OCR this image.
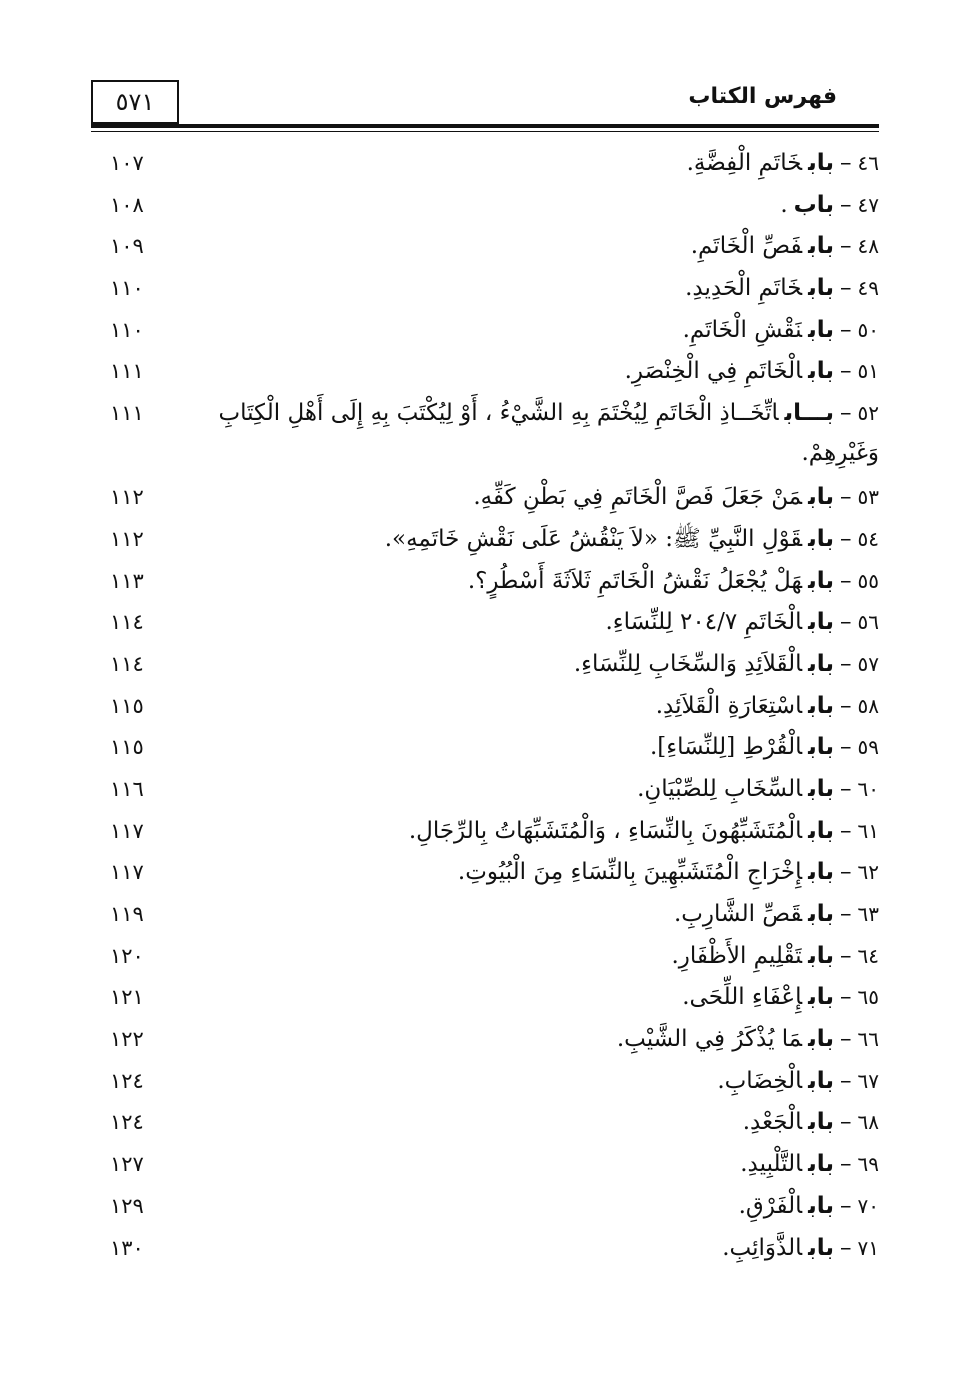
٥٧١	فهرس الكتاب
٤٦–بابخَاتَمِ الْفِضَّةِ.
١٠٧
٤٧–باب.
١٠٨
٤٨–بابفَصِّ الْخَاتَمِ.
١٠٩
٤٩–بابخَاتَمِ الْحَدِيدِ.
١١٠
٥٠–بابنَقْشِ الْخَاتَمِ.
١١٠
٥١–بابالْخَاتَمِ فِي الْخِنْصَرِ.
١١١
٥٢–بـــاباتِّخَــاذِ الْخَاتَمِ لِيُخْتَمَ بِهِ الشَّيْءُ ، أَوْ لِيُكْتَبَ بِهِ إِلَى أَهْلِ الْكِتَابِ وَغَيْرِهِمْ.
١١١
٥٣–بابمَنْ جَعَلَ فَصَّ الْخَاتَمِ فِي بَطْنِ كَفِّهِ.
١١٢
٥٤–بابقَوْلِ النَّبِيِّ ﷺ: «لاَ يَنْقُشُ عَلَى نَقْشِ خَاتَمِهِ».
١١٢
٥٥–بابهَلْ يُجْعَلُ نَقْشُ الْخَاتَمِ ثَلاَثَةَ أَسْطُرٍ؟.
١١٣
٥٦–بابالْخَاتَمِ ٢٠٤/٧ لِلنِّسَاءِ.
١١٤
٥٧–بابالْقَلاَئِدِ وَالسِّخَابِ لِلنِّسَاءِ.
١١٤
٥٨–باباسْتِعَارَةِ الْقَلاَئِدِ.
١١٥
٥٩–بابالْقُرْطِ [لِلنِّسَاءِ].
١١٥
٦٠–بابالسِّخَابِ لِلصِّبْيَانِ.
١١٦
٦١–بابالْمُتَشَبِّهُونَ بِالنِّسَاءِ ، وَالْمُتَشَبِّهَاتُ بِالرِّجَالِ.
١١٧
٦٢–بابإِخْرَاجِ الْمُتَشَبِّهِينَ بِالنِّسَاءِ مِنَ الْبُيُوتِ.
١١٧
٦٣–بابقَصِّ الشَّارِبِ.
١١٩
٦٤–بابتَقْلِيمِ الأَظْفَارِ.
١٢٠
٦٥–بابإِعْفَاءِ اللِّحَى.
١٢١
٦٦–بابمَا يُذْكَرُ فِي الشَّيْبِ.
١٢٢
٦٧–بابالْخِضَابِ.
١٢٤
٦٨–بابالْجَعْدِ.
١٢٤
٦٩–بابالتَّلْبِيدِ.
١٢٧
٧٠–بابالْفَرْقِ.
١٢٩
٧١–بابالذَّوَائِبِ.
١٣٠
